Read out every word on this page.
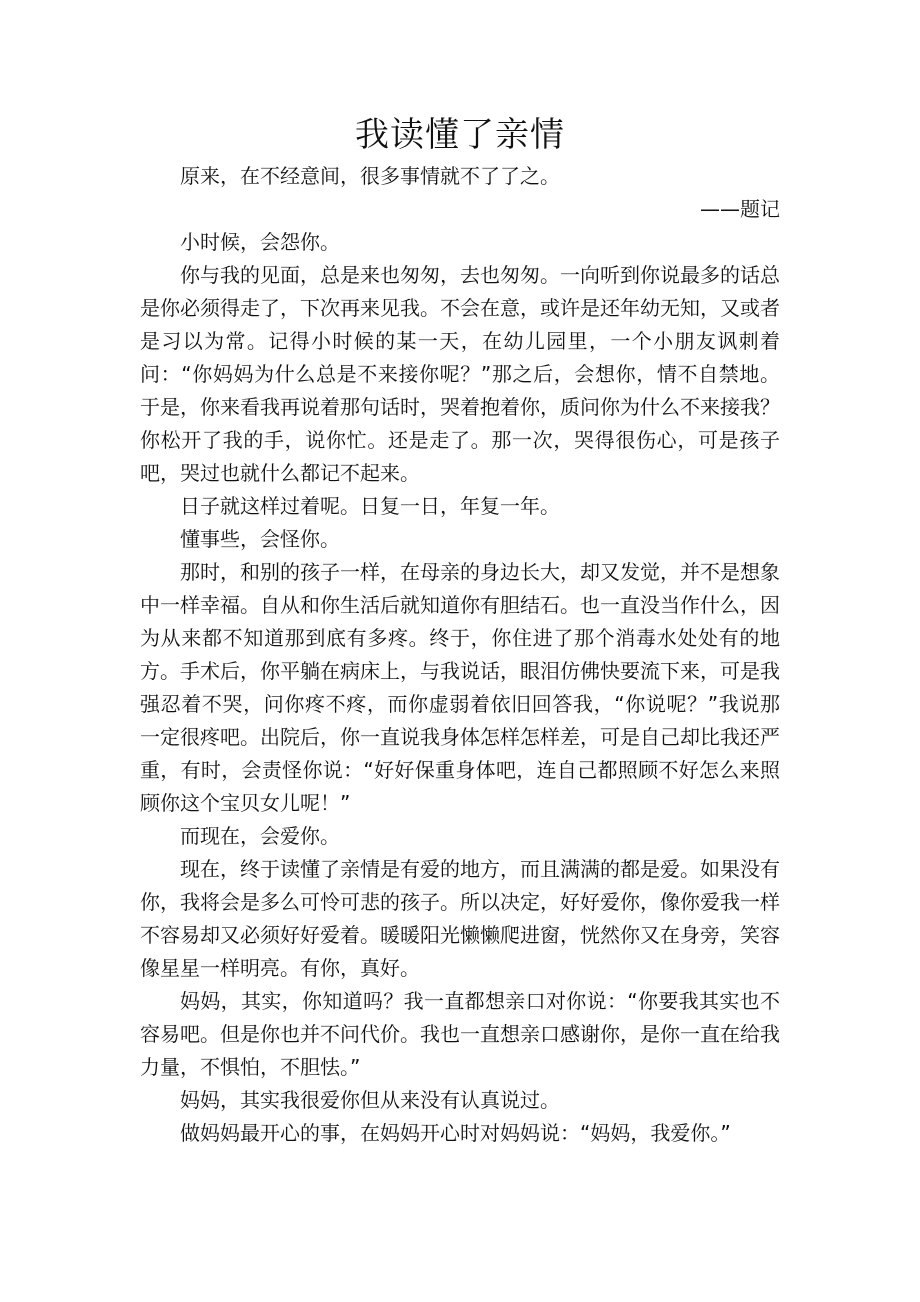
我读懂了亲情

原来，在不经意间，很多事情就不了了之。

——题记

小时候，会怨你。

你与我的见面，总是来也匆匆，去也匆匆。一向听到你说最多的话总是你必须得走了，下次再来见我。不会在意，或许是还年幼无知，又或者是习以为常。记得小时候的某一天，在幼儿园里，一个小朋友讽刺着问：“你妈妈为什么总是不来接你呢？”那之后，会想你，情不自禁地。于是，你来看我再说着那句话时，哭着抱着你，质问你为什么不来接我？你松开了我的手，说你忙。还是走了。那一次，哭得很伤心，可是孩子吧，哭过也就什么都记不起来。

日子就这样过着呢。日复一日，年复一年。

懂事些，会怪你。

那时，和别的孩子一样，在母亲的身边长大，却又发觉，并不是想象中一样幸福。自从和你生活后就知道你有胆结石。也一直没当作什么，因为从来都不知道那到底有多疼。终于，你住进了那个消毒水处处有的地方。手术后，你平躺在病床上，与我说话，眼泪仿佛快要流下来，可是我强忍着不哭，问你疼不疼，而你虚弱着依旧回答我，“你说呢？”我说那一定很疼吧。出院后，你一直说我身体怎样怎样差，可是自己却比我还严重，有时，会责怪你说：“好好保重身体吧，连自己都照顾不好怎么来照顾你这个宝贝女儿呢！”

而现在，会爱你。

现在，终于读懂了亲情是有爱的地方，而且满满的都是爱。如果没有你，我将会是多么可怜可悲的孩子。所以决定，好好爱你，像你爱我一样不容易却又必须好好爱着。暖暖阳光懒懒爬进窗，恍然你又在身旁，笑容像星星一样明亮。有你，真好。

妈妈，其实，你知道吗？我一直都想亲口对你说：“你要我其实也不容易吧。但是你也并不问代价。我也一直想亲口感谢你，是你一直在给我力量，不惧怕，不胆怯。”

妈妈，其实我很爱你但从来没有认真说过。

做妈妈最开心的事，在妈妈开心时对妈妈说：“妈妈，我爱你。”
